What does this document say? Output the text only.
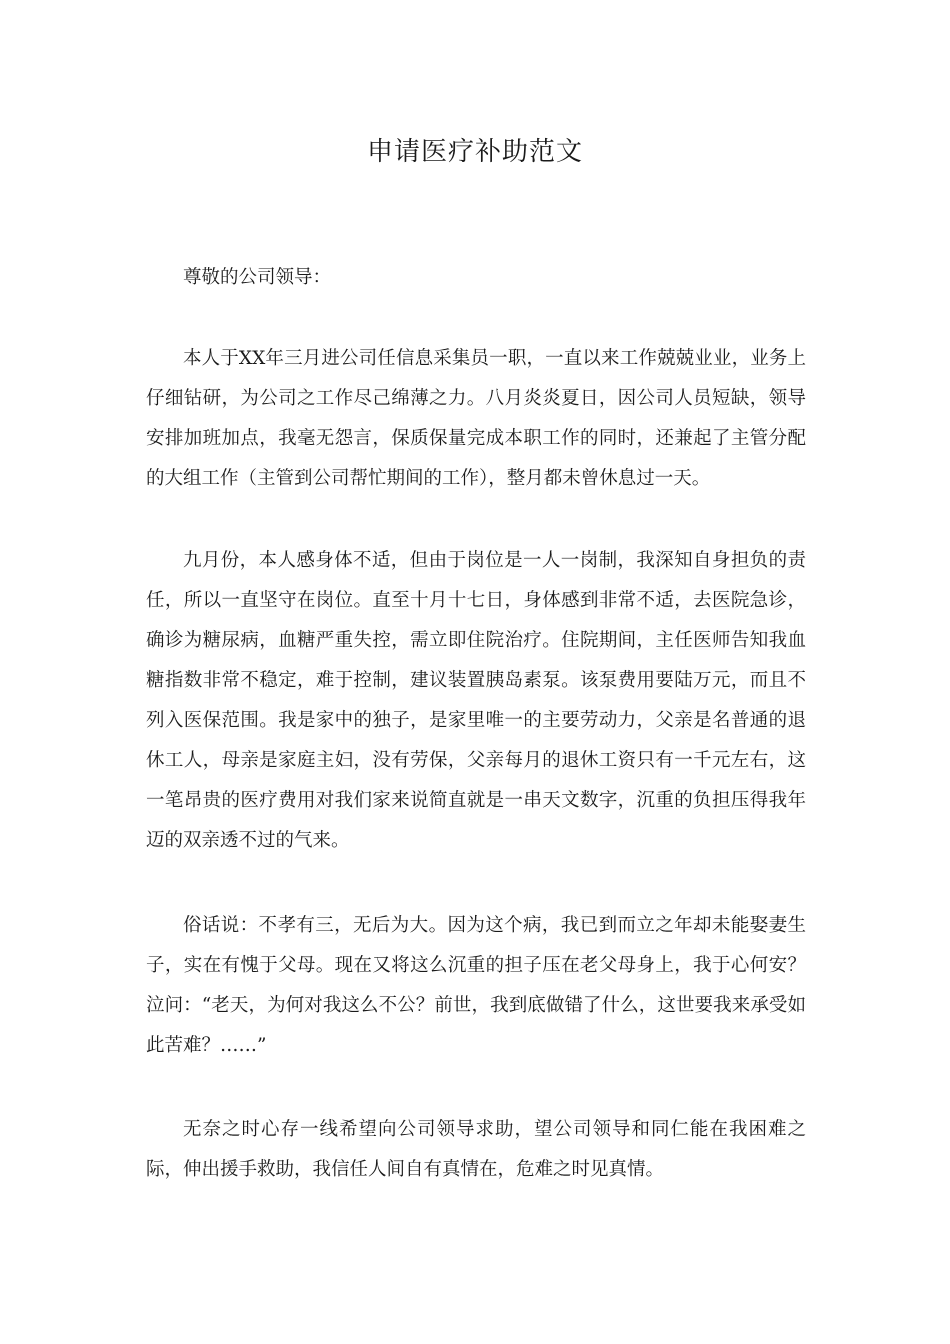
申请医疗补助范文
尊敬的公司领导：
本人于XX年三月进公司任信息采集员一职，一直以来工作兢兢业业，业务上仔细钻研，为公司之工作尽己绵薄之力。八月炎炎夏日，因公司人员短缺，领导安排加班加点，我毫无怨言，保质保量完成本职工作的同时，还兼起了主管分配的大组工作（主管到公司帮忙期间的工作），整月都未曾休息过一天。
九月份，本人感身体不适，但由于岗位是一人一岗制，我深知自身担负的责任，所以一直坚守在岗位。直至十月十七日，身体感到非常不适，去医院急诊，确诊为糖尿病，血糖严重失控，需立即住院治疗。住院期间，主任医师告知我血糖指数非常不稳定，难于控制，建议装置胰岛素泵。该泵费用要陆万元，而且不列入医保范围。我是家中的独子，是家里唯一的主要劳动力，父亲是名普通的退休工人，母亲是家庭主妇，没有劳保，父亲每月的退休工资只有一千元左右，这一笔昂贵的医疗费用对我们家来说简直就是一串天文数字，沉重的负担压得我年迈的双亲透不过的气来。
俗话说：不孝有三，无后为大。因为这个病，我已到而立之年却未能娶妻生子，实在有愧于父母。现在又将这么沉重的担子压在老父母身上，我于心何安？泣问：“老天，为何对我这么不公？前世，我到底做错了什么，这世要我来承受如此苦难？……”
无奈之时心存一线希望向公司领导求助，望公司领导和同仁能在我困难之际，伸出援手救助，我信任人间自有真情在，危难之时见真情。
